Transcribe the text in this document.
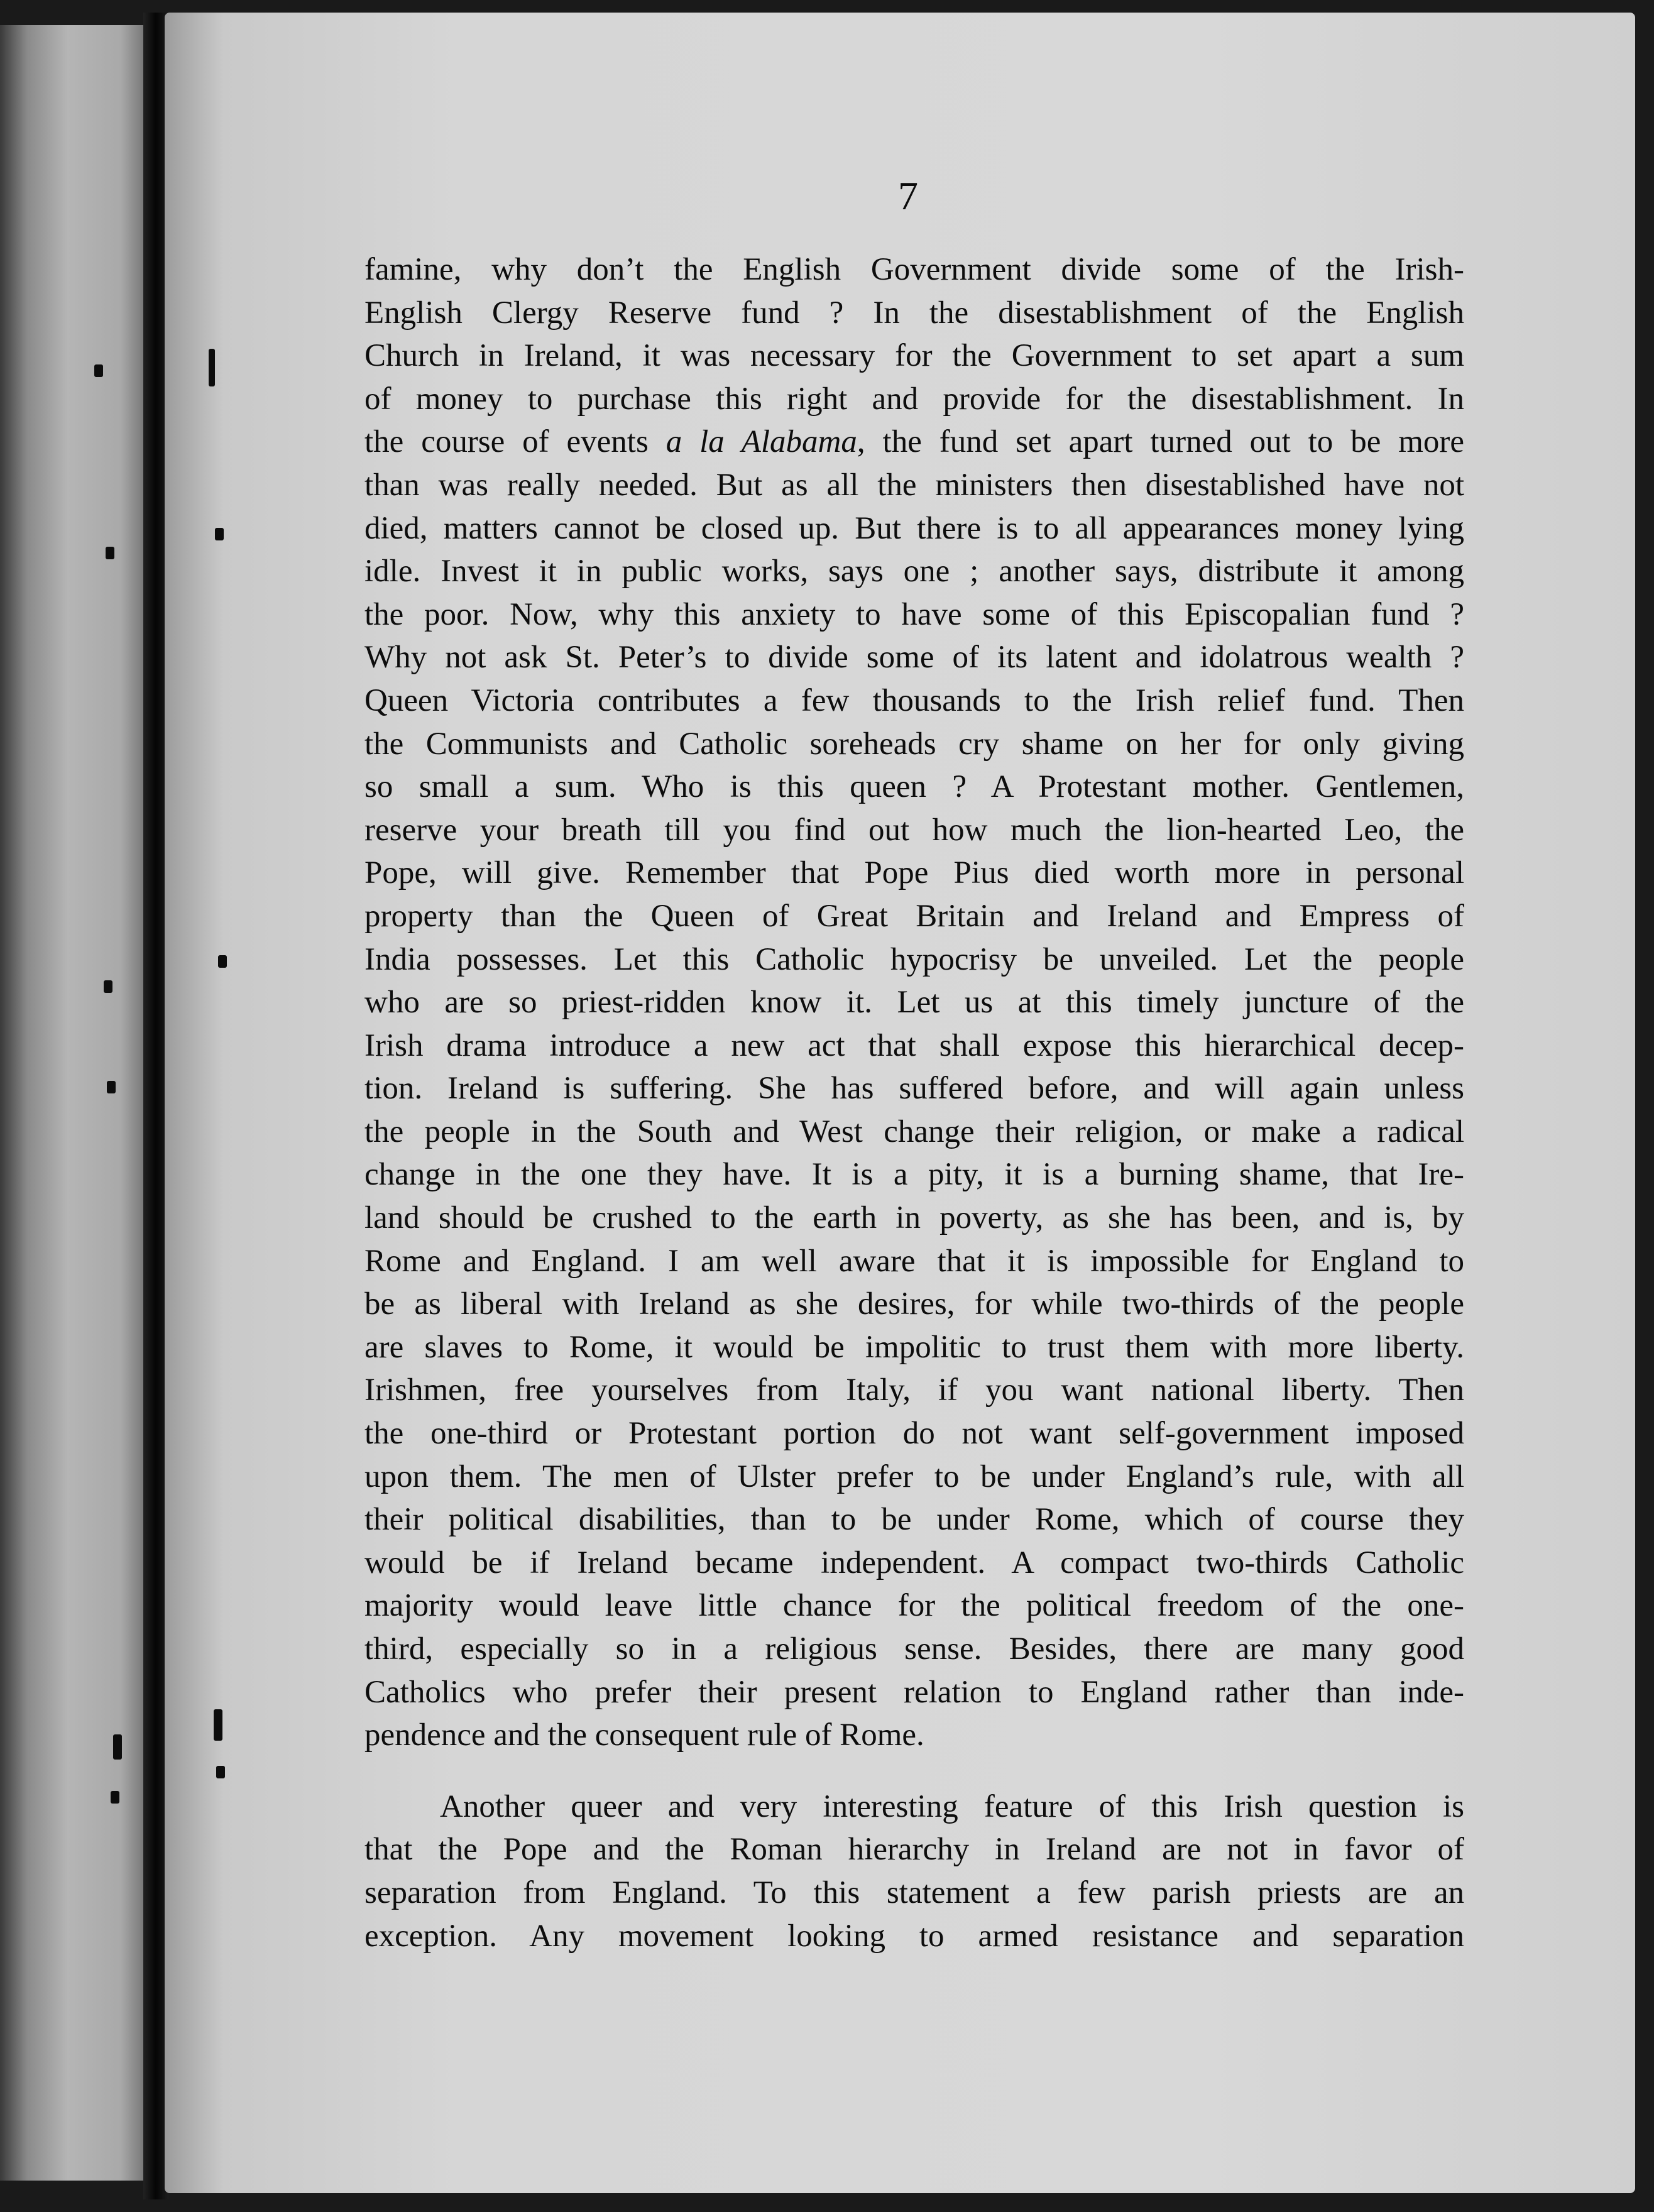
7
famine, why don’t the English Government divide some of the Irish-
English Clergy Reserve fund ? In the disestablishment of the English
Church in Ireland, it was necessary for the Government to set apart a sum
of money to purchase this right and provide for the disestablishment. In
the course of events a la Alabama, the fund set apart turned out to be more
than was really needed. But as all the ministers then disestablished have not
died, matters cannot be closed up. But there is to all appearances money lying
idle. Invest it in public works, says one ; another says, distribute it among
the poor. Now, why this anxiety to have some of this Episcopalian fund ?
Why not ask St. Peter’s to divide some of its latent and idolatrous wealth ?
Queen Victoria contributes a few thousands to the Irish relief fund. Then
the Communists and Catholic soreheads cry shame on her for only giving
so small a sum. Who is this queen ? A Protestant mother. Gentlemen,
reserve your breath till you find out how much the lion-hearted Leo, the
Pope, will give. Remember that Pope Pius died worth more in personal
property than the Queen of Great Britain and Ireland and Empress of
India possesses. Let this Catholic hypocrisy be unveiled. Let the people
who are so priest-ridden know it. Let us at this timely juncture of the
Irish drama introduce a new act that shall expose this hierarchical decep-
tion. Ireland is suffering. She has suffered before, and will again unless
the people in the South and West change their religion, or make a radical
change in the one they have. It is a pity, it is a burning shame, that Ire-
land should be crushed to the earth in poverty, as she has been, and is, by
Rome and England. I am well aware that it is impossible for England to
be as liberal with Ireland as she desires, for while two-thirds of the people
are slaves to Rome, it would be impolitic to trust them with more liberty.
Irishmen, free yourselves from Italy, if you want national liberty. Then
the one-third or Protestant portion do not want self-government imposed
upon them. The men of Ulster prefer to be under England’s rule, with all
their political disabilities, than to be under Rome, which of course they
would be if Ireland became independent. A compact two-thirds Catholic
majority would leave little chance for the political freedom of the one-
third, especially so in a religious sense. Besides, there are many good
Catholics who prefer their present relation to England rather than inde-
pendence and the consequent rule of Rome.
Another queer and very interesting feature of this Irish question is
that the Pope and the Roman hierarchy in Ireland are not in favor of
separation from England. To this statement a few parish priests are an
exception. Any movement looking to armed resistance and separation
